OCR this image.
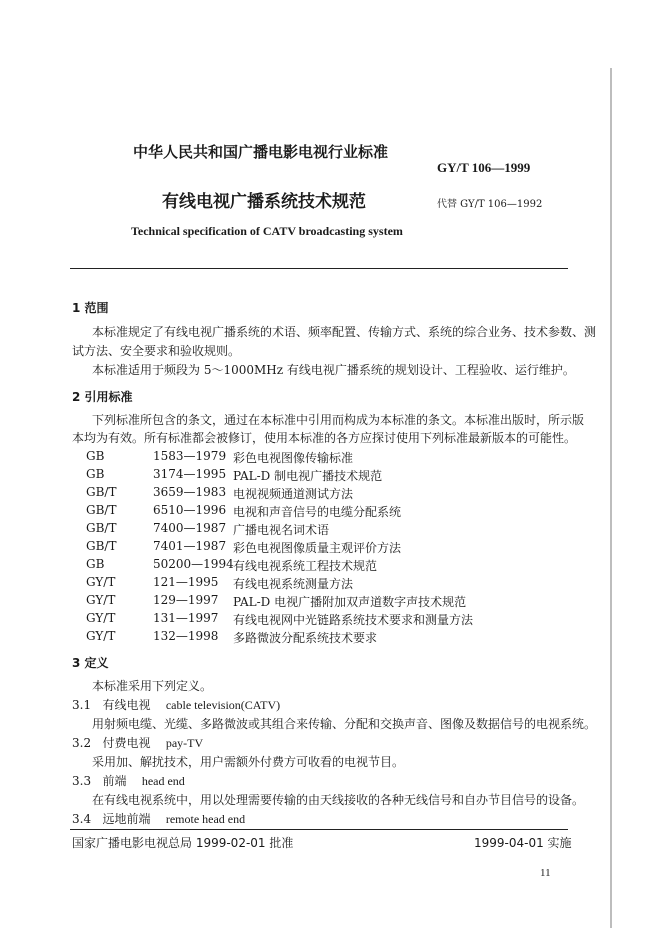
中华人民共和国广播电影电视行业标准
GY/T 106—1999
有线电视广播系统技术规范	代替 GY/T 106—1992
Technical specification of CATV broadcasting system
1 范围
本标准规定了有线电视广播系统的术语、频率配置、传输方式、系统的综合业务、技术参数、测
试方法、安全要求和验收规则。
本标准适用于频段为 5～1000MHz 有线电视广播系统的规划设计、工程验收、运行维护。
2 引用标准
下列标准所包含的条文，通过在本标准中引用而构成为本标准的条文。本标准出版时，所示版
本均为有效。所有标准都会被修订，使用本标准的各方应探讨使用下列标准最新版本的可能性。
GB	1583—1979 彩色电视图像传输标准
GB	3174—1995 PAL-D 制电视广播技术规范
GB/T	3659—1983 电视视频通道测试方法
GB/T	6510—1996 电视和声音信号的电缆分配系统
GB/T	7400—1987 广播电视名词术语
GB/T	7401—1987 彩色电视图像质量主观评价方法
GB	50200—1994 有线电视系统工程技术规范
GY/T	121—1995 有线电视系统测量方法
GY/T	129—1997 PAL-D 电视广播附加双声道数字声技术规范
GY/T	131—1997 有线电视网中光链路系统技术要求和测量方法
GY/T	132—1998 多路微波分配系统技术要求
3 定义
本标准采用下列定义。
3.1 有线电视 cable television(CATV)
用射频电缆、光缆、多路微波或其组合来传输、分配和交换声音、图像及数据信号的电视系统。
3.2 付费电视 pay-TV
采用加、解扰技术，用户需额外付费方可收看的电视节目。
3.3 前端 head end
在有线电视系统中，用以处理需要传输的由天线接收的各种无线信号和自办节目信号的设备。
3.4 远地前端 remote head end
国家广播电影电视总局 1999-02-01 批准	1999-04-01 实施
11
